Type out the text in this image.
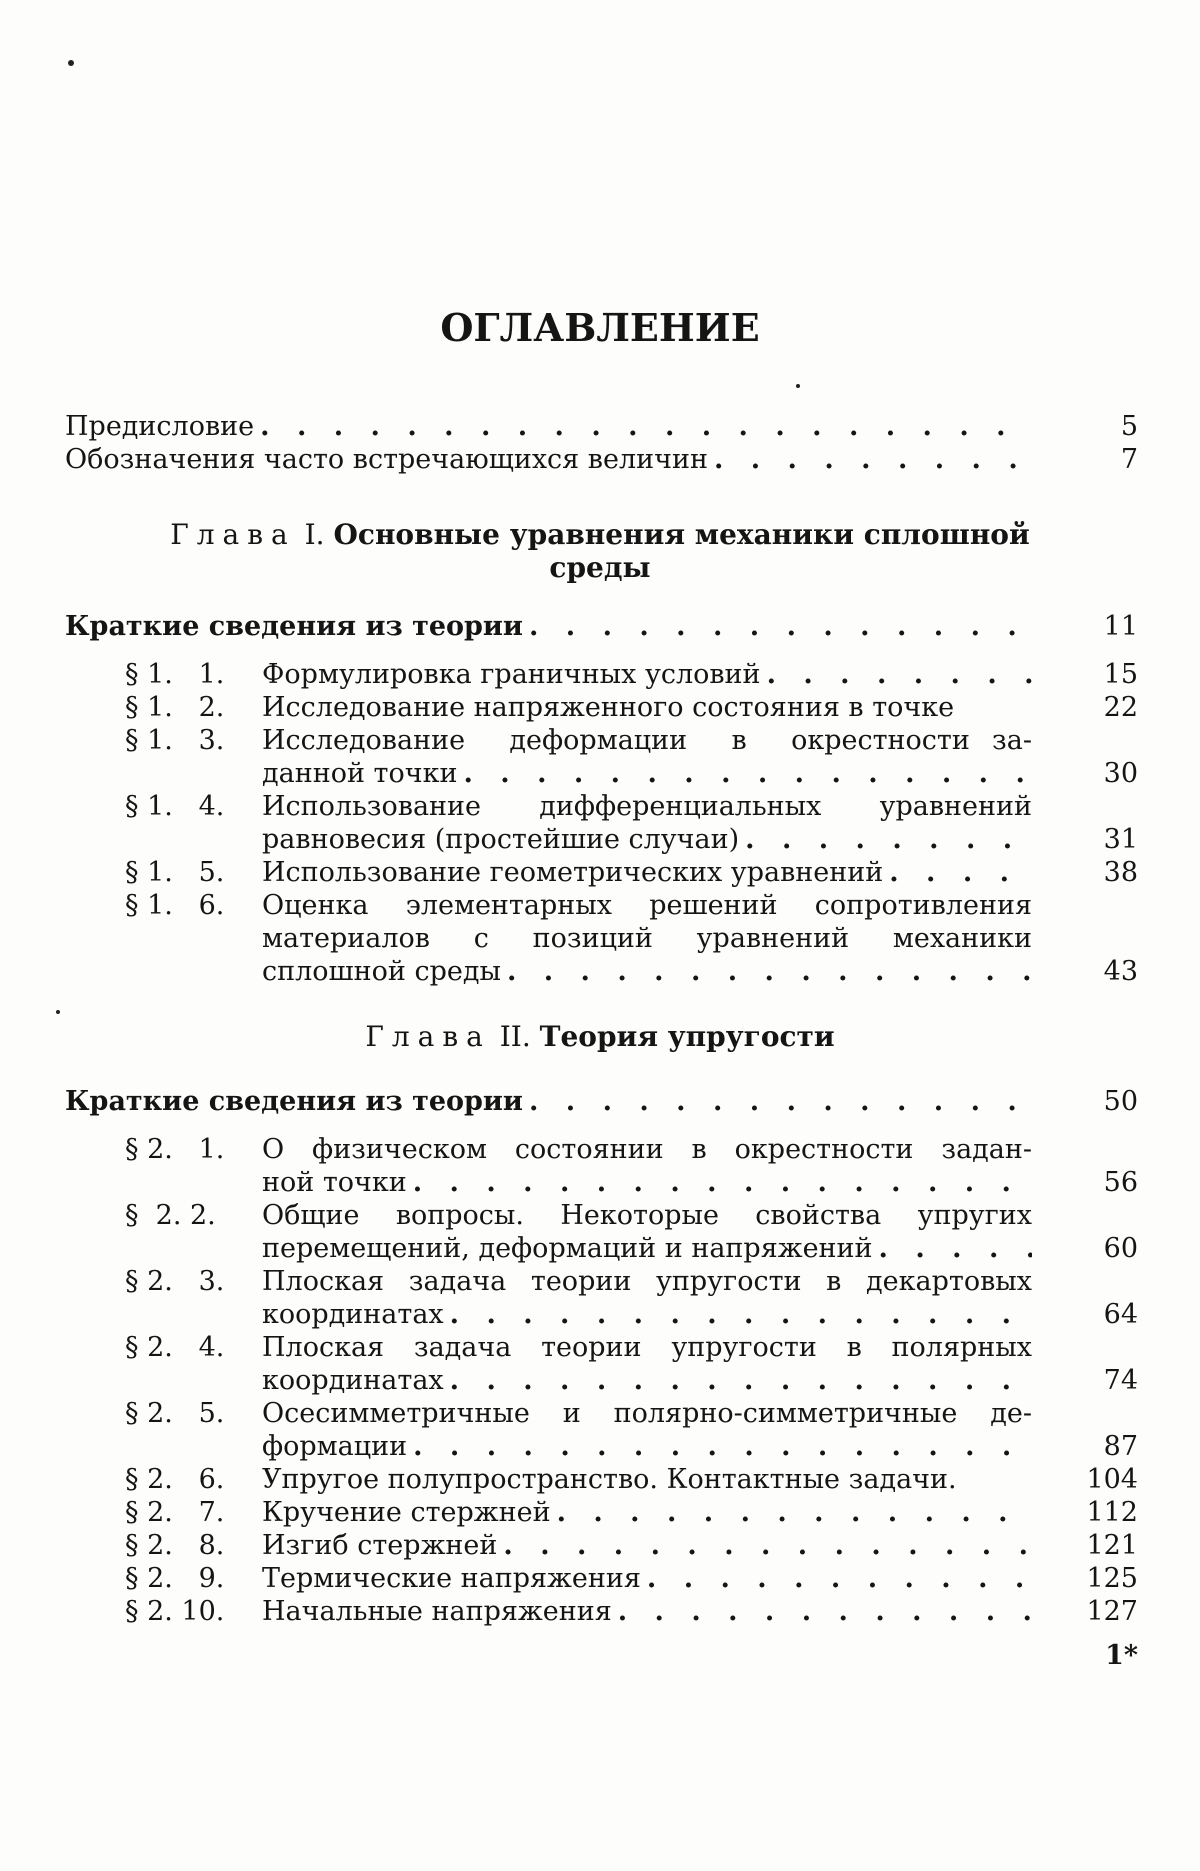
ОГЛАВЛЕНИЕ
Предисловие . . .	5
Обозначения часто встречающихся величин . . .	7
Глава I. Основные уравнения механики сплошной
среды
Краткие сведения из теории . . .	11
§ 1.   1.	Формулировка граничных условий . . .	15
§ 1.   2.	Исследование напряженного состояния в точке	22
§ 1.   3.	Исследование  деформации  в  окрестности за-
данной точки . . .	30
§ 1.   4.	Использование  дифференциальных  уравнений
равновесия (простейшие случаи) . . .	31
§ 1.   5.	Использование геометрических уравнений . . .	38
§ 1.   6.	Оценка элементарных решений сопротивления
материалов  с  позиций  уравнений  механики
сплошной среды . . .	43
Глава II. Теория упругости
Краткие сведения из теории . . .	50
§ 2.   1.	О физическом состоянии в окрестности задан-
ной точки . . .	56
§  2. 2.	Общие вопросы. Некоторые свойства упругих
перемещений, деформаций и напряжений . . .	60
§ 2.   3.	Плоская задача теории упругости в декартовых
координатах . . .	64
§ 2.   4.	Плоская задача теории упругости в полярных
координатах . . .	74
§ 2.   5.	Осесимметричные и полярно-симметричные де-
формации . . .	87
§ 2.   6.	Упругое полупространство. Контактные задачи.	104
§ 2.   7.	Кручение стержней . . .	112
§ 2.   8.	Изгиб стержней . . .	121
§ 2.   9.	Термические напряжения . . .	125
§ 2. 10.	Начальные напряжения . . .	127
1*
